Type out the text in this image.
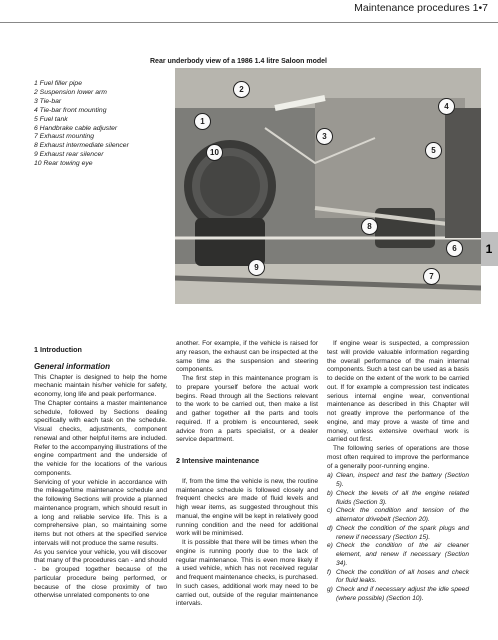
Maintenance procedures 1•7
1
Rear underbody view of a 1986 1.4 litre Saloon model
2
1
10
3
4
5
8
6
7
9
1 Fuel filler pipe
2 Suspension lower arm
3 Tie-bar
4 Tie-bar front mounting
5 Fuel tank
6 Handbrake cable adjuster
7 Exhaust mounting
8 Exhaust intermediate silencer
9 Exhaust rear silencer
10 Rear towing eye
1 Introduction
General information

This Chapter is designed to help the home mechanic maintain his/her vehicle for safety, economy, long life and peak performance.

The Chapter contains a master maintenance schedule, followed by Sections dealing specifically with each task on the schedule. Visual checks, adjustments, component renewal and other helpful items are included. Refer to the accompanying illustrations of the engine compartment and the underside of the vehicle for the locations of the various components.

Servicing of your vehicle in accordance with the mileage/time maintenance schedule and the following Sections will provide a planned maintenance program, which should result in a long and reliable service life. This is a comprehensive plan, so maintaining some items but not others at the specified service intervals will not produce the same results.

As you service your vehicle, you will discover that many of the procedures can - and should - be grouped together because of the particular procedure being performed, or because of the close proximity of two otherwise unrelated components to one

another. For example, if the vehicle is raised for any reason, the exhaust can be inspected at the same time as the suspension and steering components.

The first step in this maintenance program is to prepare yourself before the actual work begins. Read through all the Sections relevant to the work to be carried out, then make a list and gather together all the parts and tools required. If a problem is encountered, seek advice from a parts specialist, or a dealer service department.

2 Intensive maintenance

If, from the time the vehicle is new, the routine maintenance schedule is followed closely and frequent checks are made of fluid levels and high wear items, as suggested throughout this manual, the engine will be kept in relatively good running condition and the need for additional work will be minimised.

It is possible that there will be times when the engine is running poorly due to the lack of regular maintenance. This is even more likely if a used vehicle, which has not received regular and frequent maintenance checks, is purchased. In such cases, additional work may need to be carried out, outside of the regular maintenance intervals.

If engine wear is suspected, a compression test will provide valuable information regarding the overall performance of the main internal components. Such a test can be used as a basis to decide on the extent of the work to be carried out. If for example a compression test indicates serious internal engine wear, conventional maintenance as described in this Chapter will not greatly improve the performance of the engine, and may prove a waste of time and money, unless extensive overhaul work is carried out first.

The following series of operations are those most often required to improve the performance of a generally poor-running engine.

a) Clean, inspect and test the battery (Section 5).
b) Check the levels of all the engine related fluids (Section 3).
c) Check the condition and tension of the alternator drivebelt (Section 20).
d) Check the condition of the spark plugs and renew if necessary (Section 15).
e) Check the condition of the air cleaner element, and renew if necessary (Section 34).
f) Check the condition of all hoses and check for fluid leaks.
g) Check and if necessary adjust the idle speed (where possible) (Section 10).
